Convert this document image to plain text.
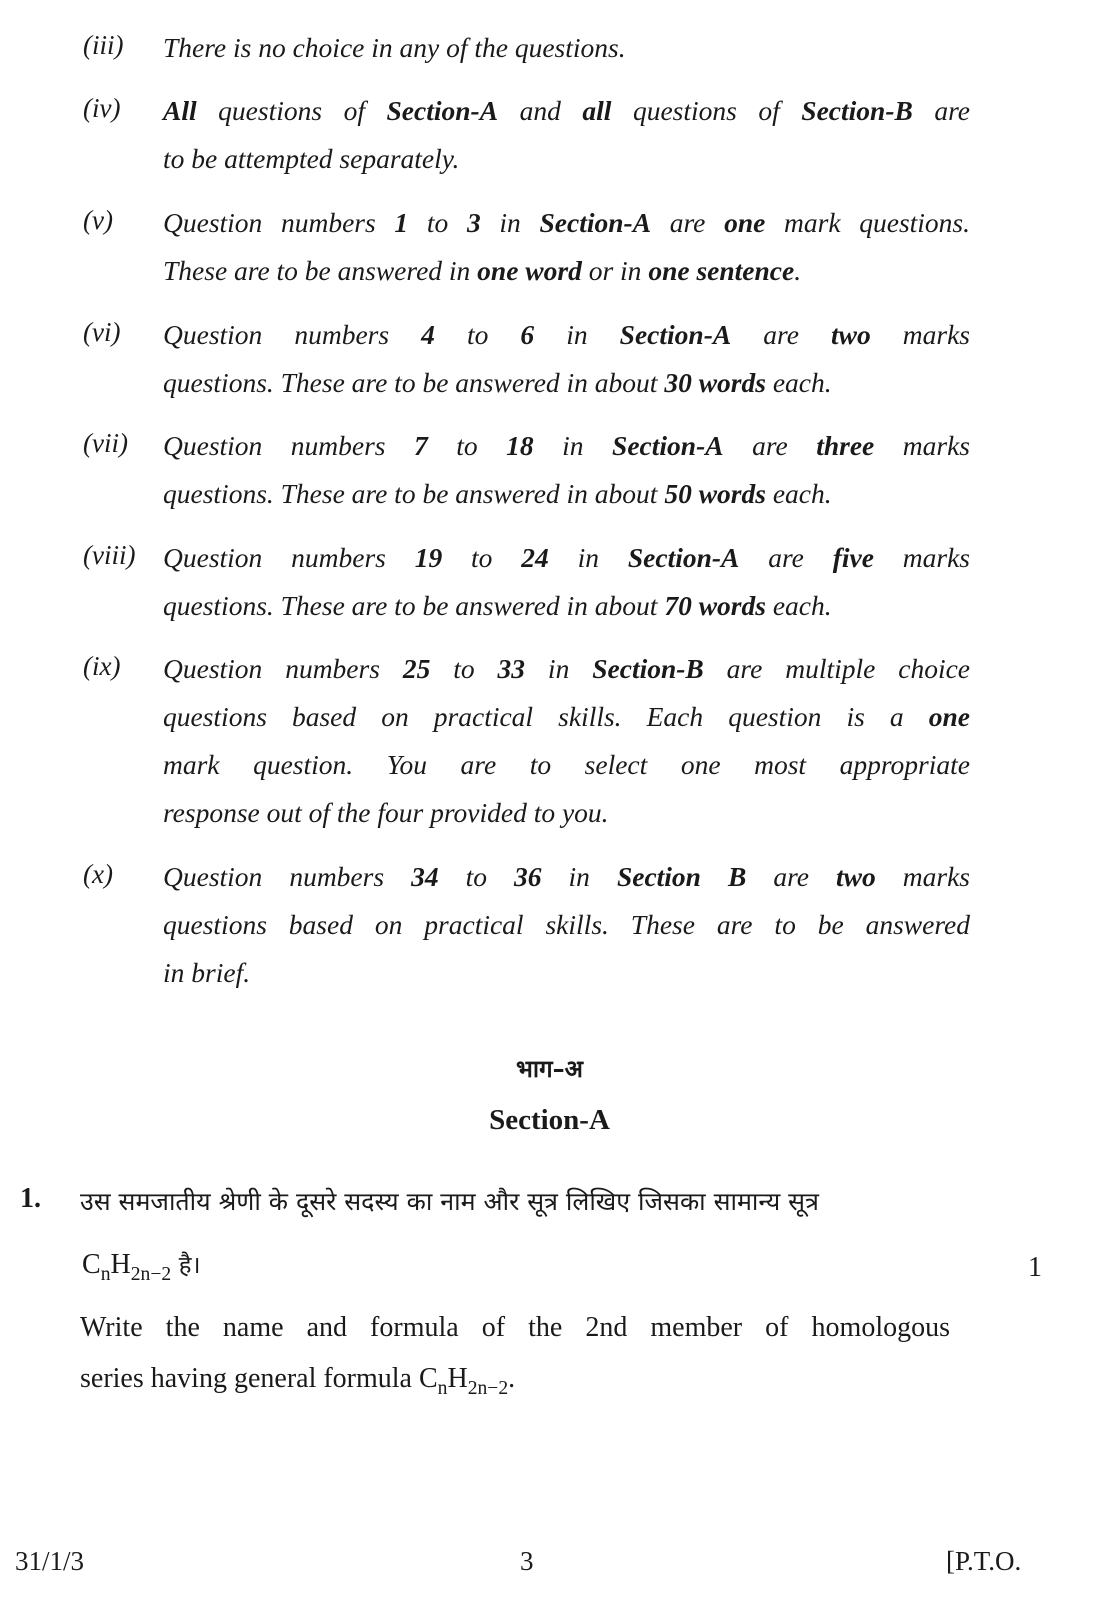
(iii) There is no choice in any of the questions.
(iv) All questions of Section-A and all questions of Section-B are
to be attempted separately.
(v) Question numbers 1 to 3 in Section-A are one mark questions.
These are to be answered in one word or in one sentence.
(vi) Question numbers 4 to 6 in Section-A are two marks
questions. These are to be answered in about 30 words each.
(vii) Question numbers 7 to 18 in Section-A are three marks
questions. These are to be answered in about 50 words each.
(viii) Question numbers 19 to 24 in Section-A are five marks
questions. These are to be answered in about 70 words each.
(ix) Question numbers 25 to 33 in Section-B are multiple choice
questions based on practical skills. Each question is a one
mark question. You are to select one most appropriate
response out of the four provided to you.
(x) Question numbers 34 to 36 in Section B are two marks
questions based on practical skills. These are to be answered
in brief.
भाग–अ
Section-A
1. उस समजातीय श्रेणी के दूसरे सदस्य का नाम और सूत्र लिखिए जिसका सामान्य सूत्र
$C_nH_{2n-2}$ है।	1
Write the name and formula of the 2nd member of homologous
series having general formula $C_nH_{2n-2}$.
31/1/3	3	[P.T.O.
